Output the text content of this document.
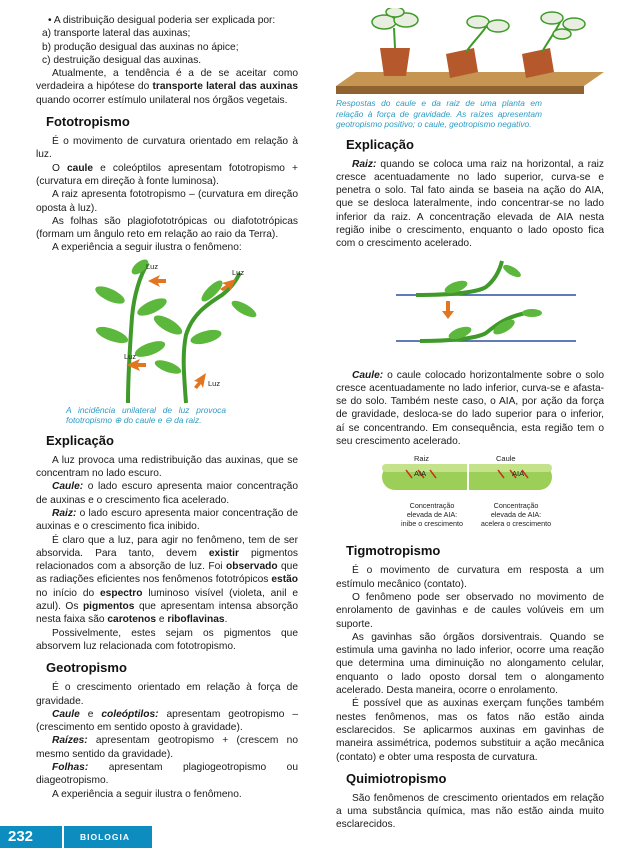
• A distribuição desigual poderia ser explicada por:

a) transporte lateral das auxinas;

b) produção desigual das auxinas no ápice;

c) destruição desigual das auxinas.

Atualmente, a tendência é a de se aceitar como verdadeira a hipótese do transporte lateral das auxinas quando ocorrer estímulo unilateral nos órgãos vegetais.

Fototropismo

É o movimento de curvatura orientado em relação à luz.

O caule e coleóptilos apresentam fototropismo + (curvatura em direção à fonte luminosa).

A raiz apresenta fototropismo – (curvatura em direção oposta à luz).

As folhas são plagiofototrópicas ou diafototrópicas (formam um ângulo reto em relação ao raio da Terra).

A experiência a seguir ilustra o fenômeno:

Luz
Luz
Luz
Luz

A incidência unilateral de luz provoca fototropismo ⊕ do caule e ⊖ da raiz.

Explicação

A luz provoca uma redistribuição das auxinas, que se concentram no lado escuro.

Caule: o lado escuro apresenta maior concentração de auxinas e o crescimento fica acelerado.

Raiz: o lado escuro apresenta maior concentração de auxinas e o crescimento fica inibido.

É claro que a luz, para agir no fenômeno, tem de ser absorvida. Para tanto, devem existir pigmentos relacionados com a absorção de luz. Foi observado que as radiações eficientes nos fenômenos fototrópicos estão no início do espectro luminoso visível (violeta, anil e azul). Os pigmentos que apresentam intensa absorção nesta faixa são carotenos e riboflavinas.

Possivelmente, estes sejam os pigmentos que absorvem luz relacionada com fototropismo.

Geotropismo

É o crescimento orientado em relação à força de gravidade.

Caule e coleóptilos: apresentam geotropismo – (crescimento em sentido oposto à gravidade).

Raízes: apresentam geotropismo + (crescem no mesmo sentido da gravidade).

Folhas: apresentam plagiogeotropismo ou diageotropismo.

A experiência a seguir ilustra o fenômeno.

Respostas do caule e da raiz de uma planta em relação à força de gravidade. As raízes apresentam geotropismo positivo; o caule, geotropismo negativo.

Explicação

Raiz: quando se coloca uma raiz na horizontal, a raiz cresce acentuadamente no lado superior, curva-se e penetra o solo. Tal fato ainda se baseia na ação do AIA, que se desloca lateralmente, indo concentrar-se no lado inferior da raiz. A concentração elevada de AIA nesta região inibe o crescimento, enquanto o lado oposto fica com o crescimento acelerado.

Caule: o caule colocado horizontalmente sobre o solo cresce acentuadamente no lado inferior, curva-se e afasta-se do solo. Também neste caso, o AIA, por ação da força de gravidade, desloca-se do lado superior para o inferior, aí se concentrando. Em consequência, esta região tem o seu crescimento acelerado.

Raiz	Caule
AIA	AIA
Concentração
elevada de AIA:
inibe o crescimento
Concentração
elevada de AIA:
acelera o crescimento
Tigmotropismo

É o movimento de curvatura em resposta a um estímulo mecânico (contato).

O fenômeno pode ser observado no movimento de enrolamento de gavinhas e de caules volúveis em um suporte.

As gavinhas são órgãos dorsiventrais. Quando se estimula uma gavinha no lado inferior, ocorre uma reação que determina uma diminuição no alongamento celular, enquanto o lado oposto dorsal tem o alongamento acelerado. Desta maneira, ocorre o enrolamento.

É possível que as auxinas exerçam funções também nestes fenômenos, mas os fatos não estão ainda esclarecidos. Se aplicarmos auxinas em gavinhas de maneira assimétrica, podemos substituir a ação mecânica (contato) e obter uma resposta de curvatura.

Quimiotropismo

São fenômenos de crescimento orientados em relação a uma substância química, mas não estão ainda muito esclarecidos.

232	BIOLOGIA
